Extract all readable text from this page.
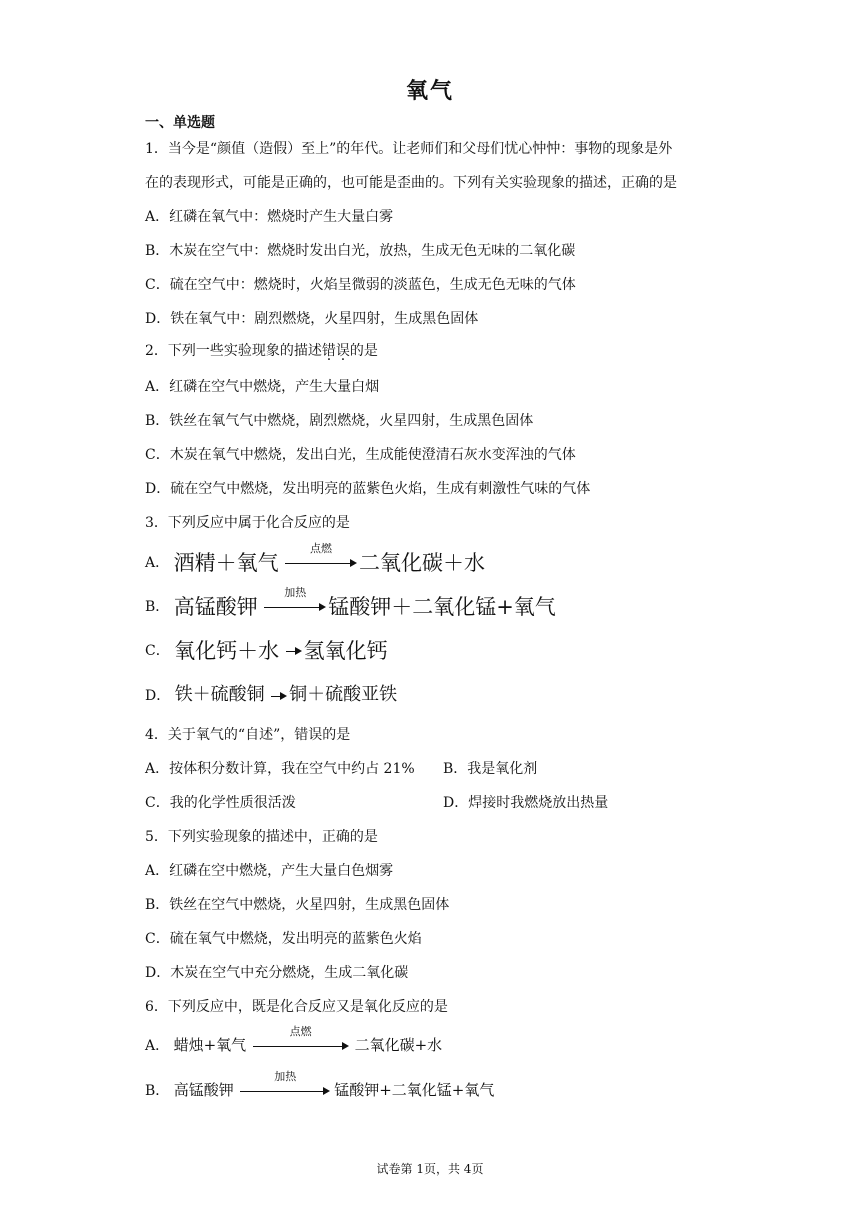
氧气
一、单选题
1．当今是“颜值（造假）至上”的年代。让老师们和父母们忧心忡忡：事物的现象是外
在的表现形式，可能是正确的，也可能是歪曲的。下列有关实验现象的描述，正确的是
A．红磷在氧气中：燃烧时产生大量白雾
B．木炭在空气中：燃烧时发出白光，放热，生成无色无味的二氧化碳
C．硫在空气中：燃烧时，火焰呈微弱的淡蓝色，生成无色无味的气体
D．铁在氧气中：剧烈燃烧，火星四射，生成黑色固体
2．下列一些实验现象的描述错误的是
A．红磷在空气中燃烧，产生大量白烟
B．铁丝在氧气气中燃烧，剧烈燃烧，火星四射，生成黑色固体
C．木炭在氧气中燃烧，发出白光，生成能使澄清石灰水变浑浊的气体
D．硫在空气中燃烧，发出明亮的蓝紫色火焰，生成有刺激性气味的气体
3．下列反应中属于化合反应的是
A． 酒精＋氧气
点燃
二氧化碳＋水
B． 高锰酸钾
加热
锰酸钾＋二氧化锰+氧气
C． 氧化钙＋水 氢氧化钙
D． 铁＋硫酸铜 铜＋硫酸亚铁
4．关于氧气的“自述”，错误的是
A．按体积分数计算，我在空气中约占 21% B．我是氧化剂
C．我的化学性质很活泼	D．焊接时我燃烧放出热量
5．下列实验现象的描述中，正确的是
A．红磷在空中燃烧，产生大量白色烟雾
B．铁丝在空气中燃烧，火星四射，生成黑色固体
C．硫在氧气中燃烧，发出明亮的蓝紫色火焰
D．木炭在空气中充分燃烧，生成二氧化碳
6．下列反应中，既是化合反应又是氧化反应的是
A． 蜡烛+氧气
点燃
二氧化碳+水
B． 高锰酸钾
加热
锰酸钾+二氧化锰+氧气
试卷第 1页，共 4页
